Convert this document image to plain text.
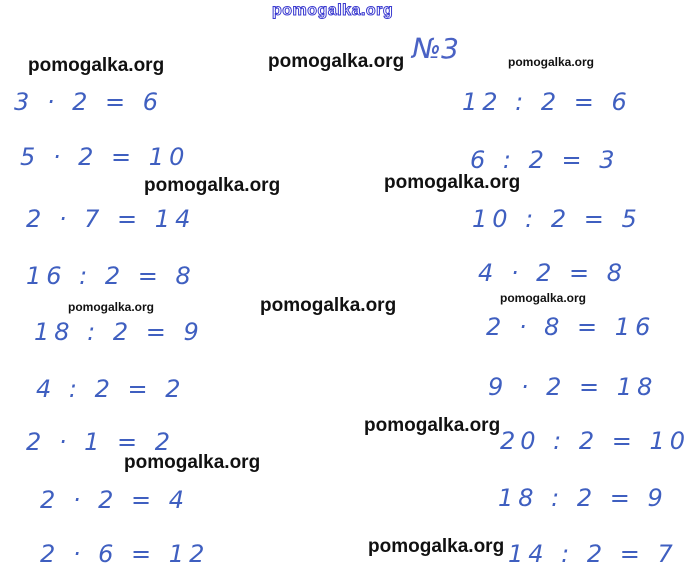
pomogalka.org
pomogalka.org	pomogalka.org	pomogalka.org
pomogalka.org	pomogalka.org
pomogalka.org	pomogalka.org	pomogalka.org
pomogalka.org
pomogalka.org
pomogalka.org
№3
3 · 2 = 6
5 · 2 = 10
2 · 7 = 14
16 : 2 = 8
18 : 2 = 9
4 : 2 = 2
2 · 1 = 2
2 · 2 = 4
2 · 6 = 12
12 : 2 = 6
6 : 2 = 3
10 : 2 = 5
4 · 2 = 8
2 · 8 = 16
9 · 2 = 18
20 : 2 = 10
18 : 2 = 9
14 : 2 = 7
